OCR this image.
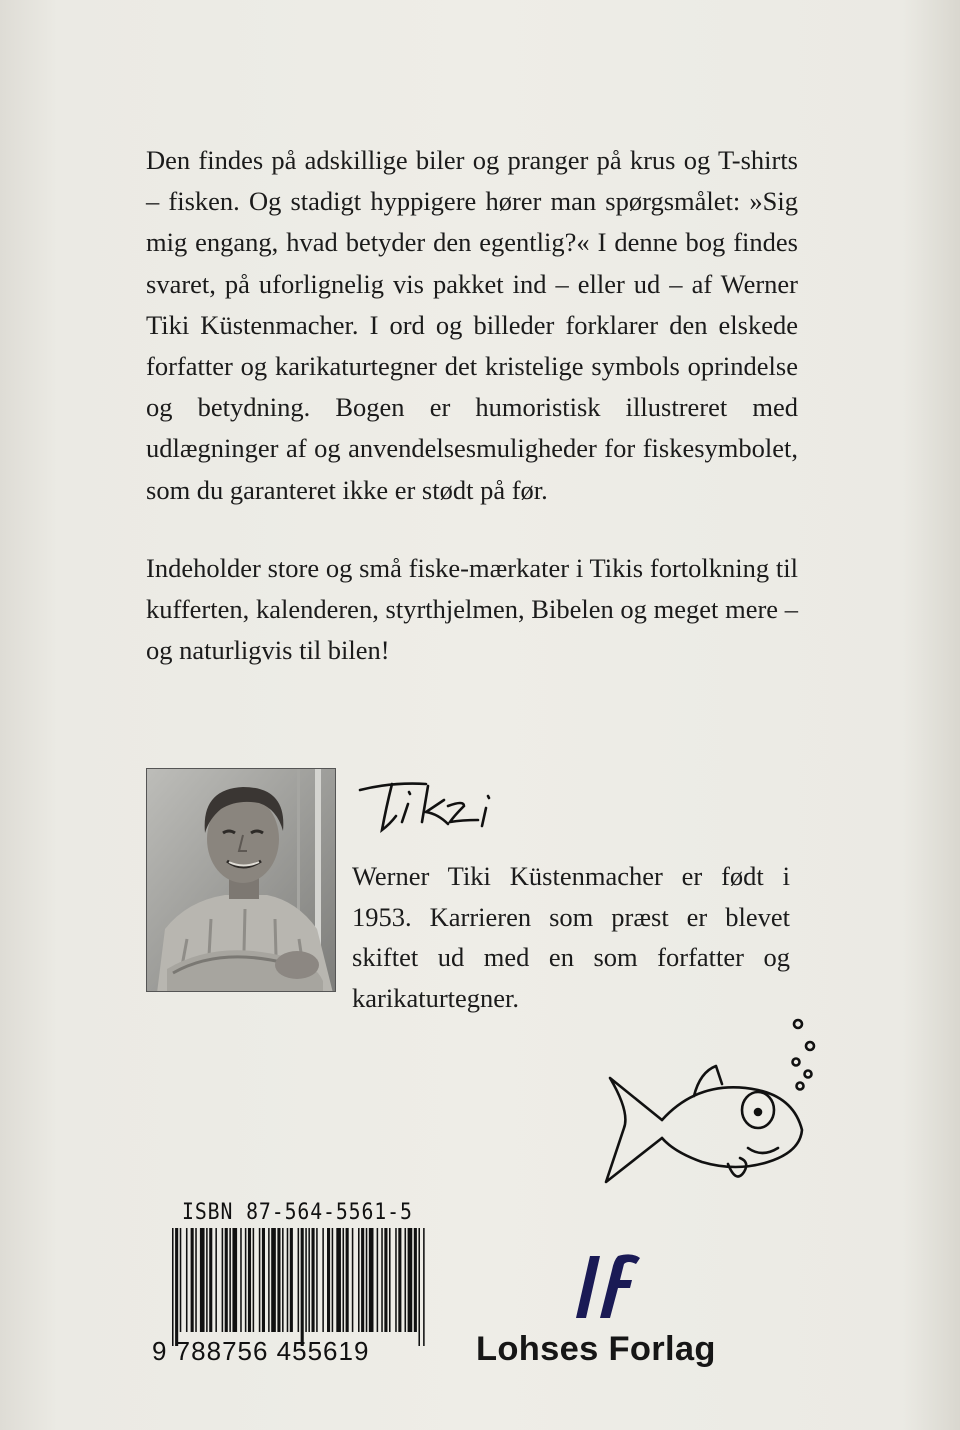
Den findes på adskillige biler og pranger på krus og T-shirts – fisken. Og stadigt hyppigere hører man spørgsmålet: »Sig mig engang, hvad betyder den egentlig?« I denne bog findes svaret, på uforlignelig vis pakket ind – eller ud – af Werner Tiki Küstenmacher. I ord og billeder forklarer den elskede forfatter og karikaturtegner det kristelige symbols oprindelse og betydning. Bogen er humoristisk illustreret med udlægninger af og anvendelsesmuligheder for fiskesymbolet, som du garanteret ikke er stødt på før.

Indeholder store og små fiske-mærkater i Tikis fortolkning til kufferten, kalenderen, styrthjelmen, Bibelen og meget mere – og naturligvis til bilen!

Werner Tiki Küstenmacher er født i 1953. Karrieren som præst er blevet skiftet ud med en som forfatter og karikaturtegner.
ISBN 87-564-5561-5
9 788756 455619	Lohses Forlag
